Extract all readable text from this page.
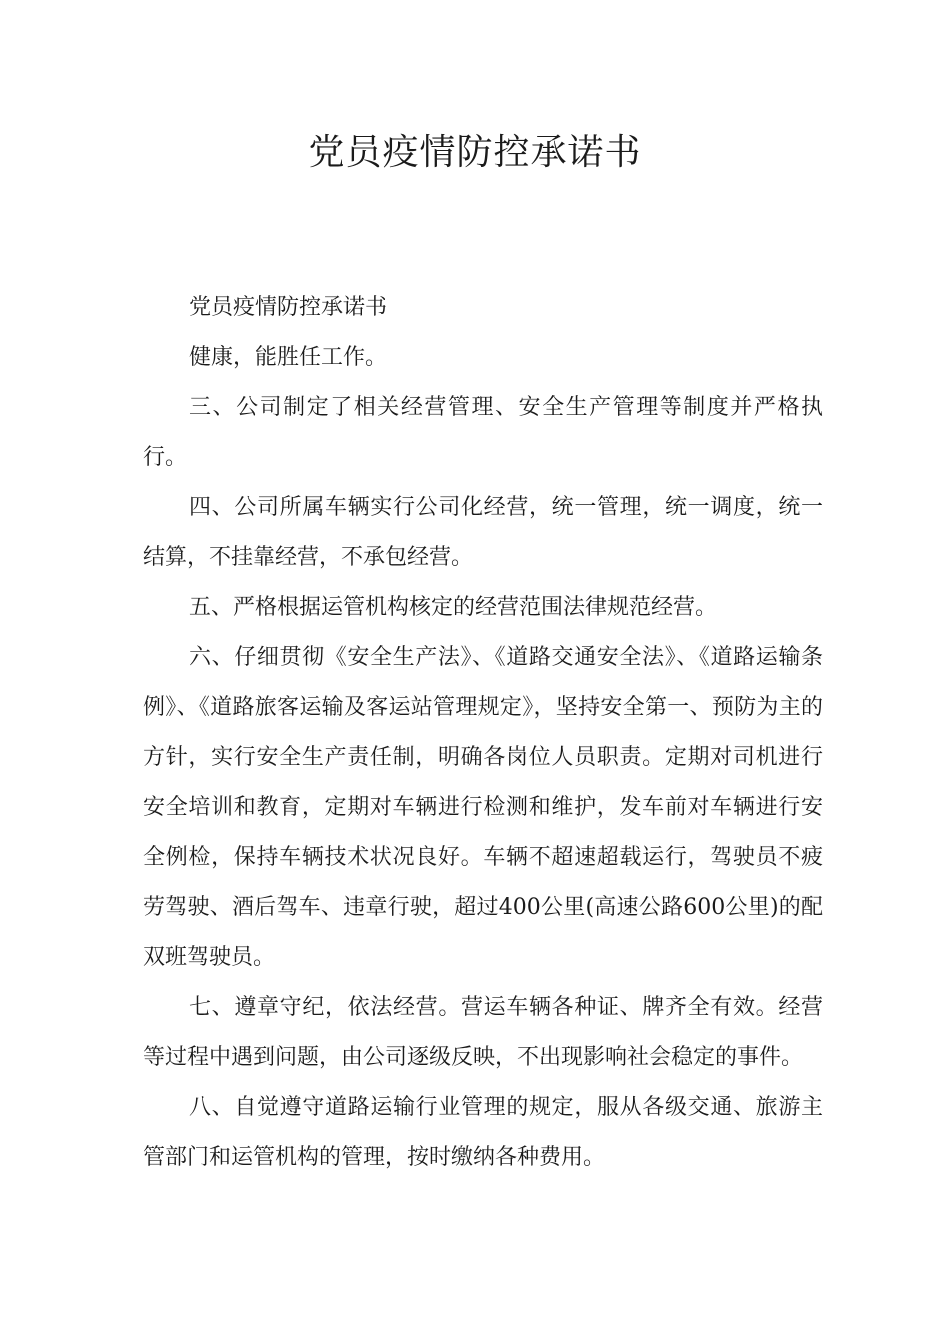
党员疫情防控承诺书

党员疫情防控承诺书

健康，能胜任工作。

三、公司制定了相关经营管理、安全生产管理等制度并严格执行。

四、公司所属车辆实行公司化经营，统一管理，统一调度，统一结算，不挂靠经营，不承包经营。

五、严格根据运管机构核定的经营范围法律规范经营。

六、仔细贯彻《安全生产法》、《道路交通安全法》、《道路运输条例》、《道路旅客运输及客运站管理规定》，坚持安全第一、预防为主的方针，实行安全生产责任制，明确各岗位人员职责。定期对司机进行安全培训和教育，定期对车辆进行检测和维护，发车前对车辆进行安全例检，保持车辆技术状况良好。车辆不超速超载运行，驾驶员不疲劳驾驶、酒后驾车、违章行驶，超过400公里(高速公路600公里)的配双班驾驶员。

七、遵章守纪，依法经营。营运车辆各种证、牌齐全有效。经营等过程中遇到问题，由公司逐级反映，不出现影响社会稳定的事件。

八、自觉遵守道路运输行业管理的规定，服从各级交通、旅游主管部门和运管机构的管理，按时缴纳各种费用。
